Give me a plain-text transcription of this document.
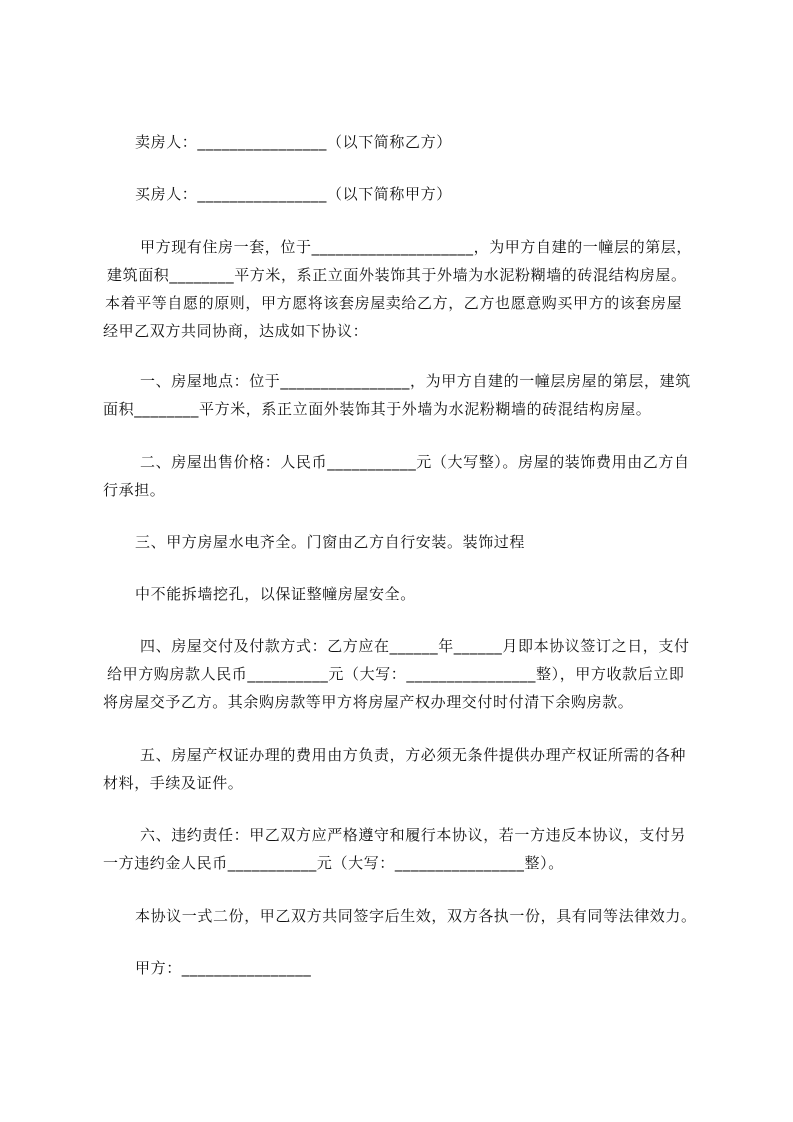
卖房人：________________（以下简称乙方）
买房人：________________（以下简称甲方）
甲方现有住房一套，位于____________________，为甲方自建的一幢层的第层，
建筑面积________平方米，系正立面外装饰其于外墙为水泥粉糊墙的砖混结构房屋。
本着平等自愿的原则，甲方愿将该套房屋卖给乙方，乙方也愿意购买甲方的该套房屋
经甲乙双方共同协商，达成如下协议：
一、房屋地点：位于________________，为甲方自建的一幢层房屋的第层，建筑
面积________平方米，系正立面外装饰其于外墙为水泥粉糊墙的砖混结构房屋。
二、房屋出售价格：人民币___________元（大写整）。房屋的装饰费用由乙方自
行承担。
三、甲方房屋水电齐全。门窗由乙方自行安装。装饰过程
中不能拆墙挖孔，以保证整幢房屋安全。
四、房屋交付及付款方式：乙方应在______年______月即本协议签订之日，支付
给甲方购房款人民币__________元（大写：________________整），甲方收款后立即
将房屋交予乙方。其余购房款等甲方将房屋产权办理交付时付清下余购房款。
五、房屋产权证办理的费用由方负责，方必须无条件提供办理产权证所需的各种
材料，手续及证件。
六、违约责任：甲乙双方应严格遵守和履行本协议，若一方违反本协议，支付另
一方违约金人民币___________元（大写：________________整）。
本协议一式二份，甲乙双方共同签字后生效，双方各执一份，具有同等法律效力。
甲方：________________
